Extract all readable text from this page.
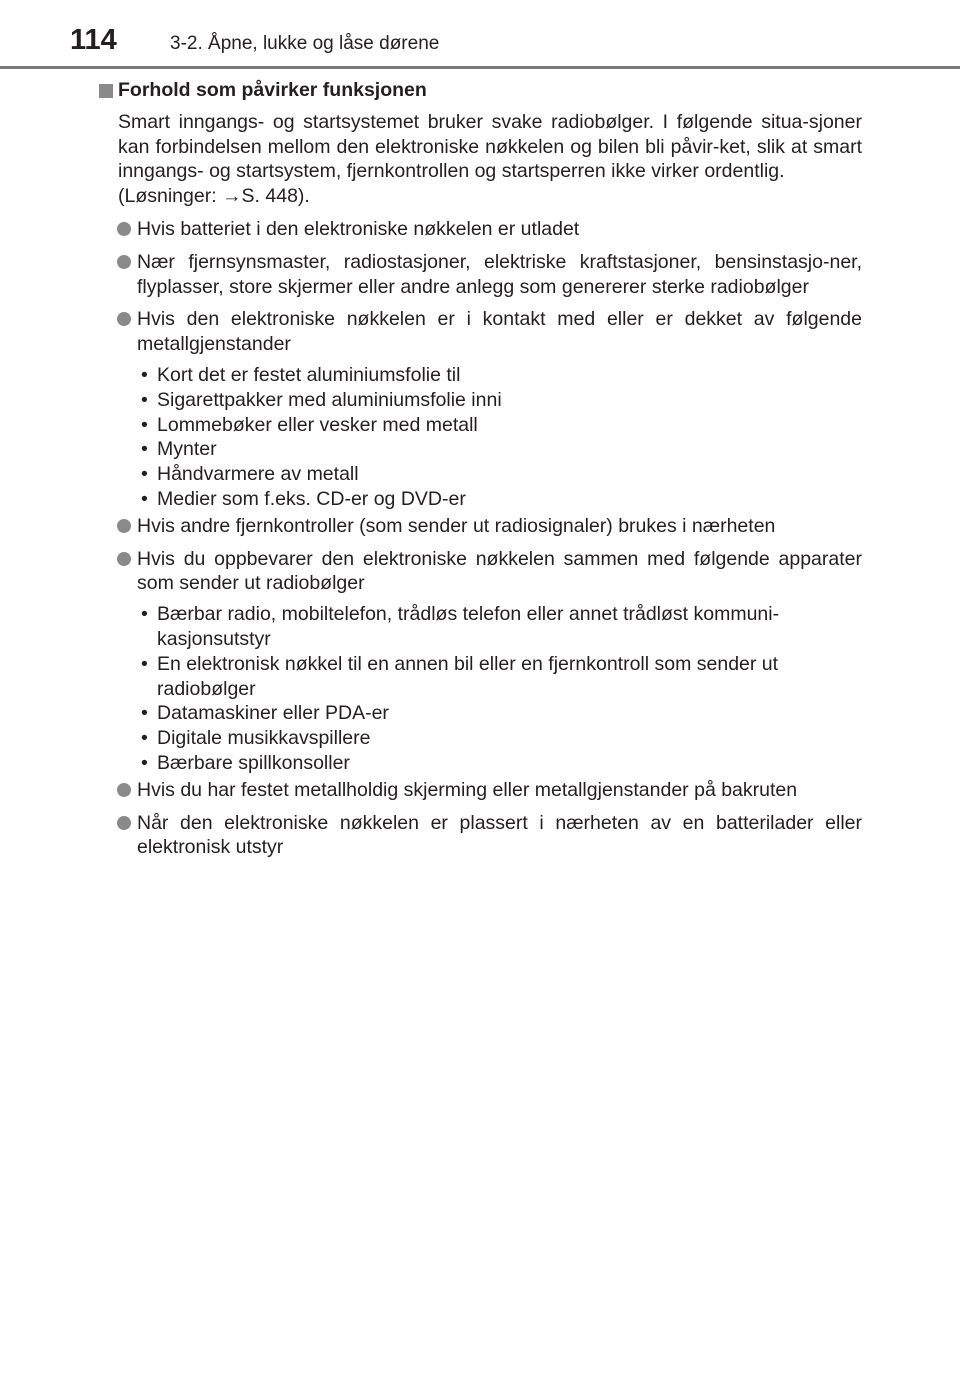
114	3-2. Åpne, lukke og låse dørene
Forhold som påvirker funksjonen
Smart inngangs- og startsystemet bruker svake radiobølger. I følgende situa-sjoner kan forbindelsen mellom den elektroniske nøkkelen og bilen bli påvir-ket, slik at smart inngangs- og startsystem, fjernkontrollen og startsperren ikke virker ordentlig.
(Løsninger: →S. 448).
Hvis batteriet i den elektroniske nøkkelen er utladet
Nær fjernsynsmaster, radiostasjoner, elektriske kraftstasjoner, bensinstasjo-ner, flyplasser, store skjermer eller andre anlegg som genererer sterke radiobølger
Hvis den elektroniske nøkkelen er i kontakt med eller er dekket av følgende metallgjenstander
• Kort det er festet aluminiumsfolie til
• Sigarettpakker med aluminiumsfolie inni
• Lommebøker eller vesker med metall
• Mynter
• Håndvarmere av metall
• Medier som f.eks. CD-er og DVD-er
Hvis andre fjernkontroller (som sender ut radiosignaler) brukes i nærheten
Hvis du oppbevarer den elektroniske nøkkelen sammen med følgende apparater som sender ut radiobølger
• Bærbar radio, mobiltelefon, trådløs telefon eller annet trådløst kommuni-kasjonsutstyr
• En elektronisk nøkkel til en annen bil eller en fjernkontroll som sender ut radiobølger
• Datamaskiner eller PDA-er
• Digitale musikkavspillere
• Bærbare spillkonsoller
Hvis du har festet metallholdig skjerming eller metallgjenstander på bakruten
Når den elektroniske nøkkelen er plassert i nærheten av en batterilader eller elektronisk utstyr
